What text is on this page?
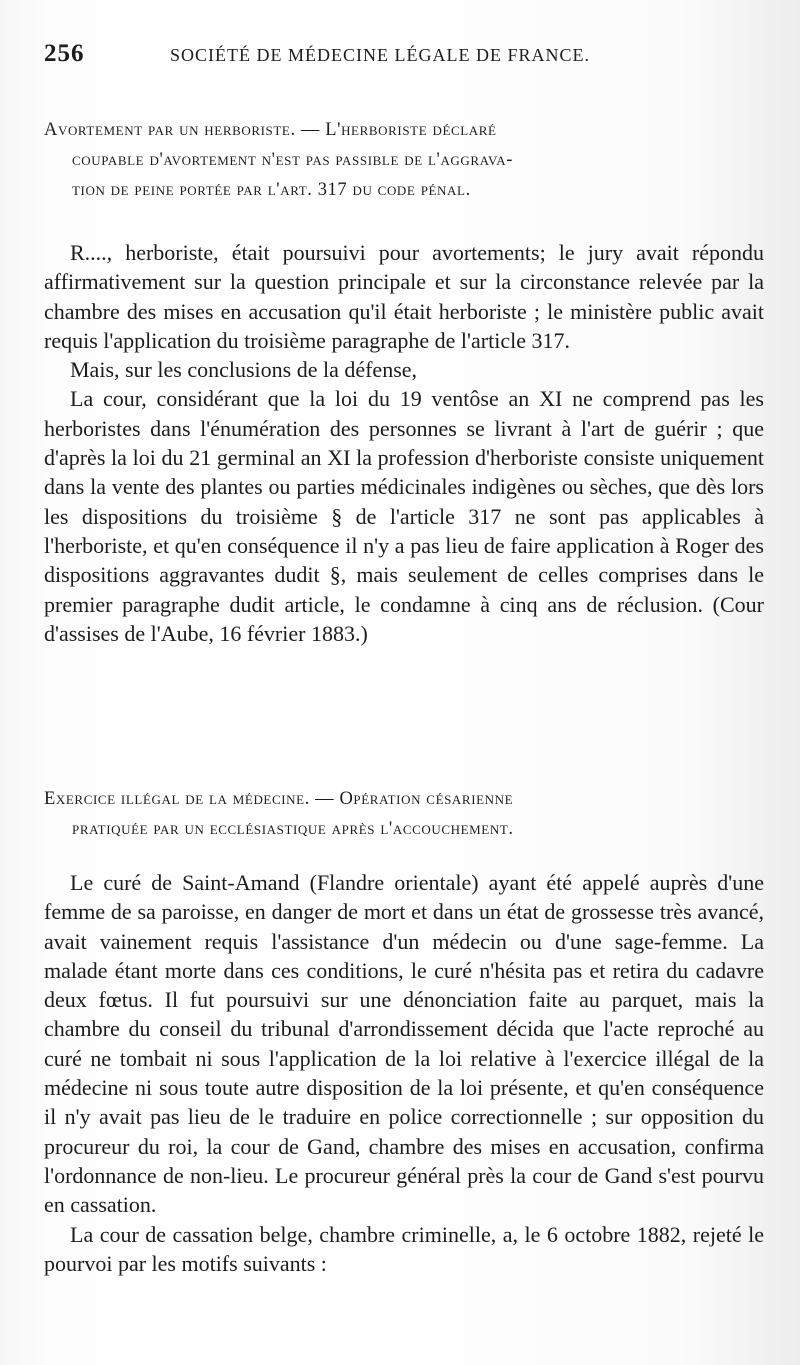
256	SOCIÉTÉ DE MÉDECINE LÉGALE DE FRANCE.
Avortement par un herboriste. — L'herboriste déclaré
coupable d'avortement n'est pas passible de l'aggrava-
tion de peine portée par l'art. 317 du code pénal.

R...., herboriste, était poursuivi pour avortements; le jury avait répondu affirmativement sur la question principale et sur la circonstance relevée par la chambre des mises en accusation qu'il était herboriste ; le ministère public avait requis l'application du troisième paragraphe de l'article 317.

Mais, sur les conclusions de la défense,

La cour, considérant que la loi du 19 ventôse an XI ne comprend pas les herboristes dans l'énumération des personnes se livrant à l'art de guérir ; que d'après la loi du 21 germinal an XI la profession d'herboriste consiste uniquement dans la vente des plantes ou parties médicinales indigènes ou sèches, que dès lors les dispositions du troisième § de l'article 317 ne sont pas applicables à l'herboriste, et qu'en conséquence il n'y a pas lieu de faire application à Roger des dispositions aggravantes dudit §, mais seulement de celles comprises dans le premier paragraphe dudit article, le condamne à cinq ans de réclusion. (Cour d'assises de l'Aube, 16 février 1883.)

Exercice illégal de la médecine. — Opération césarienne
pratiquée par un ecclésiastique après l'accouchement.

Le curé de Saint-Amand (Flandre orientale) ayant été appelé auprès d'une femme de sa paroisse, en danger de mort et dans un état de grossesse très avancé, avait vainement requis l'assistance d'un médecin ou d'une sage-femme. La malade étant morte dans ces conditions, le curé n'hésita pas et retira du cadavre deux fœtus. Il fut poursuivi sur une dénonciation faite au parquet, mais la chambre du conseil du tribunal d'arrondissement décida que l'acte reproché au curé ne tombait ni sous l'application de la loi relative à l'exercice illégal de la médecine ni sous toute autre disposition de la loi présente, et qu'en conséquence il n'y avait pas lieu de le traduire en police correctionnelle ; sur opposition du procureur du roi, la cour de Gand, chambre des mises en accusation, confirma l'ordonnance de non-lieu. Le procureur général près la cour de Gand s'est pourvu en cassation.

La cour de cassation belge, chambre criminelle, a, le 6 octobre 1882, rejeté le pourvoi par les motifs suivants :
